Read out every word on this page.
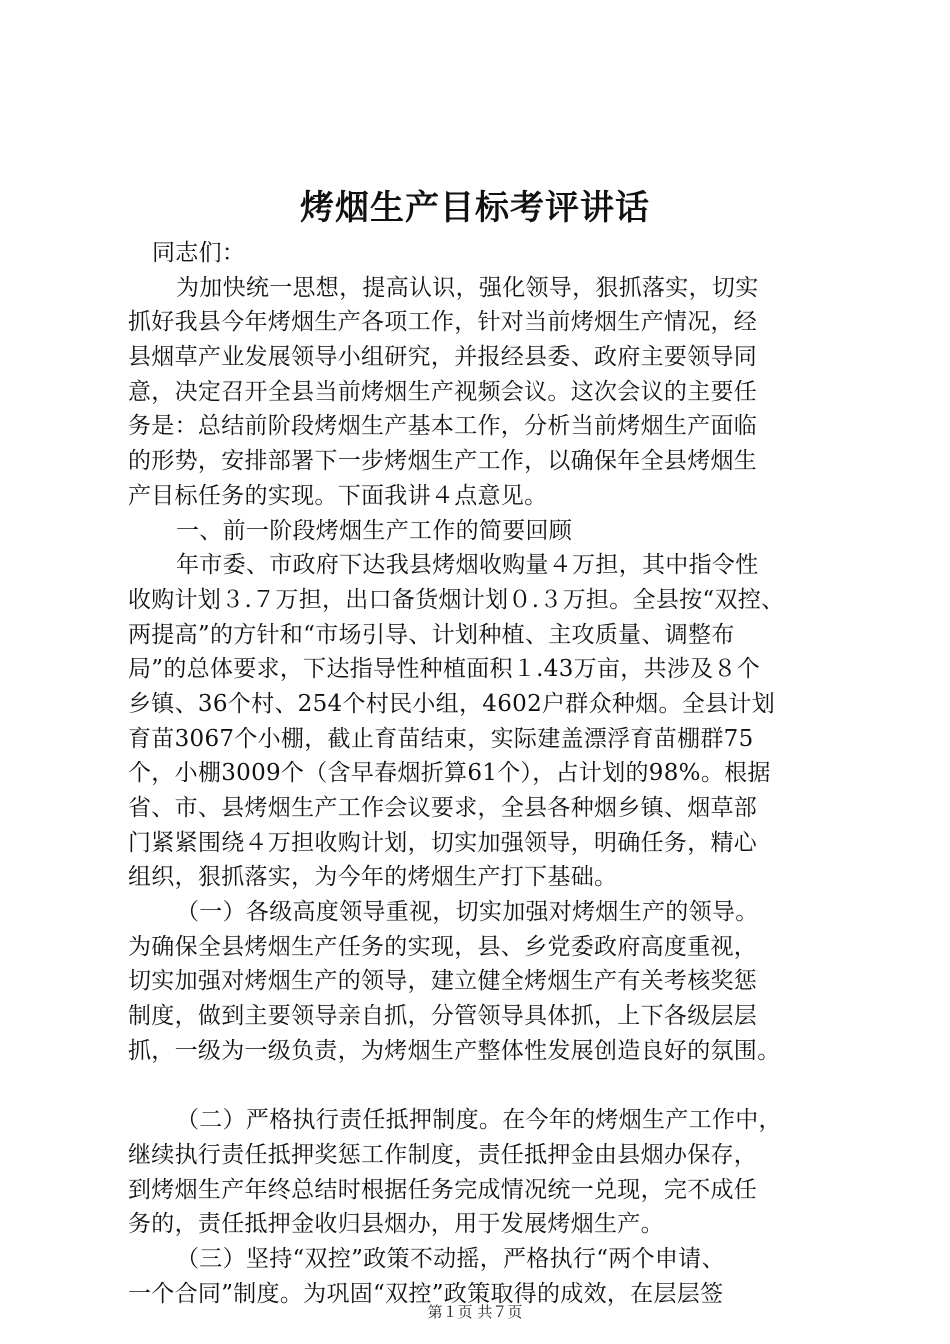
烤烟生产目标考评讲话
同志们：
为加快统一思想，提高认识，强化领导，狠抓落实，切实
抓好我县今年烤烟生产各项工作，针对当前烤烟生产情况，经
县烟草产业发展领导小组研究，并报经县委、政府主要领导同
意，决定召开全县当前烤烟生产视频会议。这次会议的主要任
务是：总结前阶段烤烟生产基本工作，分析当前烤烟生产面临
的形势，安排部署下一步烤烟生产工作，以确保年全县烤烟生
产目标任务的实现。下面我讲４点意见。
一、前一阶段烤烟生产工作的简要回顾
年市委、市政府下达我县烤烟收购量４万担，其中指令性
收购计划３.７万担，出口备货烟计划０.３万担。全县按“双控、
两提高”的方针和“市场引导、计划种植、主攻质量、调整布
局”的总体要求，下达指导性种植面积１.43万亩，共涉及８个
乡镇、36个村、254个村民小组，4602户群众种烟。全县计划
育苗3067个小棚，截止育苗结束，实际建盖漂浮育苗棚群75
个，小棚3009个（含早春烟折算61个），占计划的98%。根据
省、市、县烤烟生产工作会议要求，全县各种烟乡镇、烟草部
门紧紧围绕４万担收购计划，切实加强领导，明确任务，精心
组织，狠抓落实，为今年的烤烟生产打下基础。
（一）各级高度领导重视，切实加强对烤烟生产的领导。
为确保全县烤烟生产任务的实现，县、乡党委政府高度重视，
切实加强对烤烟生产的领导，建立健全烤烟生产有关考核奖惩
制度，做到主要领导亲自抓，分管领导具体抓，上下各级层层
抓，一级为一级负责，为烤烟生产整体性发展创造良好的氛围。
（二）严格执行责任抵押制度。在今年的烤烟生产工作中，
继续执行责任抵押奖惩工作制度，责任抵押金由县烟办保存，
到烤烟生产年终总结时根据任务完成情况统一兑现，完不成任
务的，责任抵押金收归县烟办，用于发展烤烟生产。
（三）坚持“双控”政策不动摇，严格执行“两个申请、
一个合同”制度。为巩固“双控”政策取得的成效，在层层签
第１页 共７页
